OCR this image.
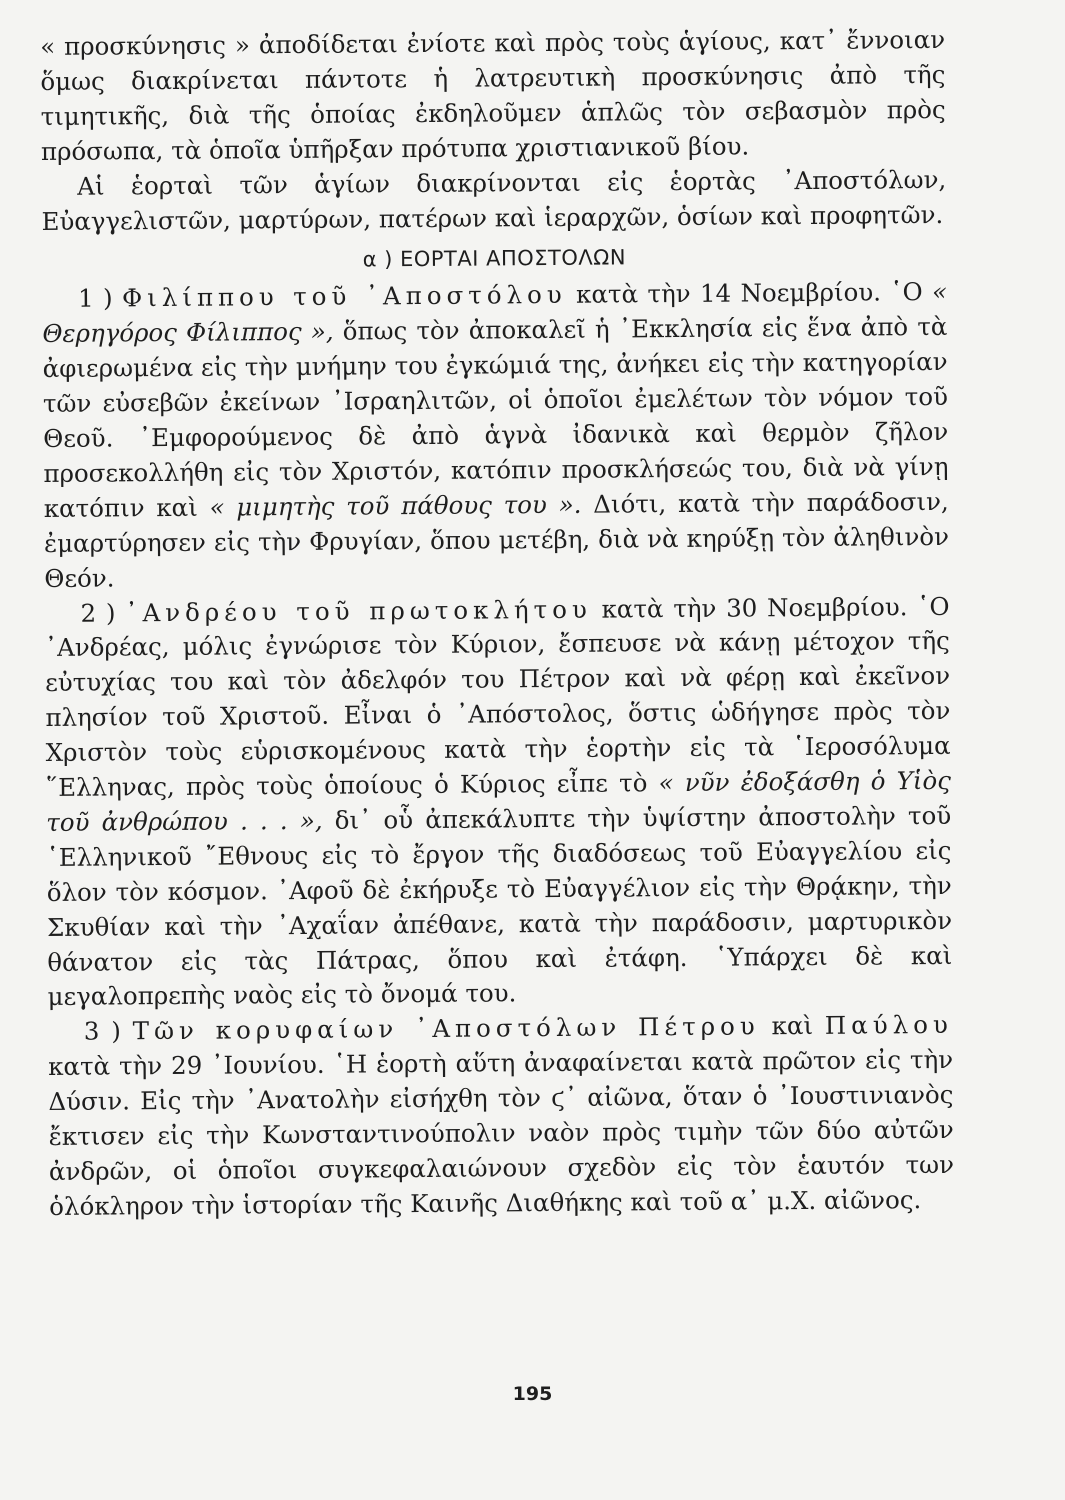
« προσκύνησις » ἀποδίδεται ἐνίοτε καὶ πρὸς τοὺς ἁγίους, κατ᾽ ἔννοιαν ὅμως διακρίνεται πάντοτε ἡ λατρευτικὴ προσκύνησις ἀπὸ τῆς τιμητικῆς, διὰ τῆς ὁποίας ἐκδηλοῦμεν ἁπλῶς τὸν σεβασμὸν πρὸς πρόσωπα, τὰ ὁποῖα ὑπῆρξαν πρότυπα χριστιανικοῦ βίου.

Αἱ ἑορταὶ τῶν ἁγίων διακρίνονται εἰς ἑορτὰς ᾽Αποστόλων, Εὐαγγελιστῶν, μαρτύρων, πατέρων καὶ ἱεραρχῶν, ὁσίων καὶ προφητῶν.

α ) ΕΟΡΤΑΙ ΑΠΟΣΤΟΛΩΝ

1 ) Φιλίππου τοῦ ᾽Αποστόλου κατὰ τὴν 14 Νοεμβρίου. ῾Ο « Θερηγόρος Φίλιππος », ὅπως τὸν ἀποκαλεῖ ἡ ᾽Εκκλησία εἰς ἕνα ἀπὸ τὰ ἀφιερωμένα εἰς τὴν μνήμην του ἐγκώμιά της, ἀνήκει εἰς τὴν κατηγορίαν τῶν εὐσεβῶν ἐκείνων ᾽Ισραηλιτῶν, οἱ ὁποῖοι ἐμελέτων τὸν νόμον τοῦ Θεοῦ. ᾽Εμφορούμενος δὲ ἀπὸ ἁγνὰ ἰδανικὰ καὶ θερμὸν ζῆλον προσεκολλήθη εἰς τὸν Χριστόν, κατόπιν προσκλήσεώς του, διὰ νὰ γίνῃ κατόπιν καὶ « μιμητὴς τοῦ πάθους του ». Διότι, κατὰ τὴν παράδοσιν, ἐμαρτύρησεν εἰς τὴν Φρυγίαν, ὅπου μετέβη, διὰ νὰ κηρύξῃ τὸν ἀληθινὸν Θεόν.

2 ) ᾽Ανδρέου τοῦ πρωτοκλήτου κατὰ τὴν 30 Νοεμβρίου. ῾Ο ᾽Ανδρέας, μόλις ἐγνώρισε τὸν Κύριον, ἔσπευσε νὰ κάνῃ μέτοχον τῆς εὐτυχίας του καὶ τὸν ἀδελφόν του Πέτρον καὶ νὰ φέρῃ καὶ ἐκεῖνον πλησίον τοῦ Χριστοῦ. Εἶναι ὁ ᾽Απόστολος, ὅστις ὡδήγησε πρὸς τὸν Χριστὸν τοὺς εὑρισκομένους κατὰ τὴν ἑορτὴν εἰς τὰ ῾Ιεροσόλυμα ῞Ελληνας, πρὸς τοὺς ὁποίους ὁ Κύριος εἶπε τὸ « νῦν ἐδοξάσθη ὁ Υἱὸς τοῦ ἀνθρώπου . . . », δι᾽ οὗ ἀπεκάλυπτε τὴν ὑψίστην ἀποστολὴν τοῦ ῾Ελληνικοῦ ῎Εθνους εἰς τὸ ἔργον τῆς διαδόσεως τοῦ Εὐαγγελίου εἰς ὅλον τὸν κόσμον. ᾽Αφοῦ δὲ ἐκήρυξε τὸ Εὐαγγέλιον εἰς τὴν Θρᾴκην, τὴν Σκυθίαν καὶ τὴν ᾽Αχαΐαν ἀπέθανε, κατὰ τὴν παράδοσιν, μαρτυρικὸν θάνατον εἰς τὰς Πάτρας, ὅπου καὶ ἐτάφη. ῾Υπάρχει δὲ καὶ μεγαλοπρεπὴς ναὸς εἰς τὸ ὄνομά του.

3 ) Τῶν κορυφαίων ᾽Αποστόλων Πέτρου καὶ Παύλου κατὰ τὴν 29 ᾽Ιουνίου. ῾Η ἑορτὴ αὕτη ἀναφαίνεται κατὰ πρῶτον εἰς τὴν Δύσιν. Εἰς τὴν ᾽Ανατολὴν εἰσήχθη τὸν ϛ᾽ αἰῶνα, ὅταν ὁ ᾽Ιουστινιανὸς ἔκτισεν εἰς τὴν Κωνσταντινούπολιν ναὸν πρὸς τιμὴν τῶν δύο αὐτῶν ἀνδρῶν, οἱ ὁποῖοι συγκεφαλαιώνουν σχεδὸν εἰς τὸν ἑαυτόν των ὁλόκληρον τὴν ἱστορίαν τῆς Καινῆς Διαθήκης καὶ τοῦ α᾽ μ.Χ. αἰῶνος.

195
